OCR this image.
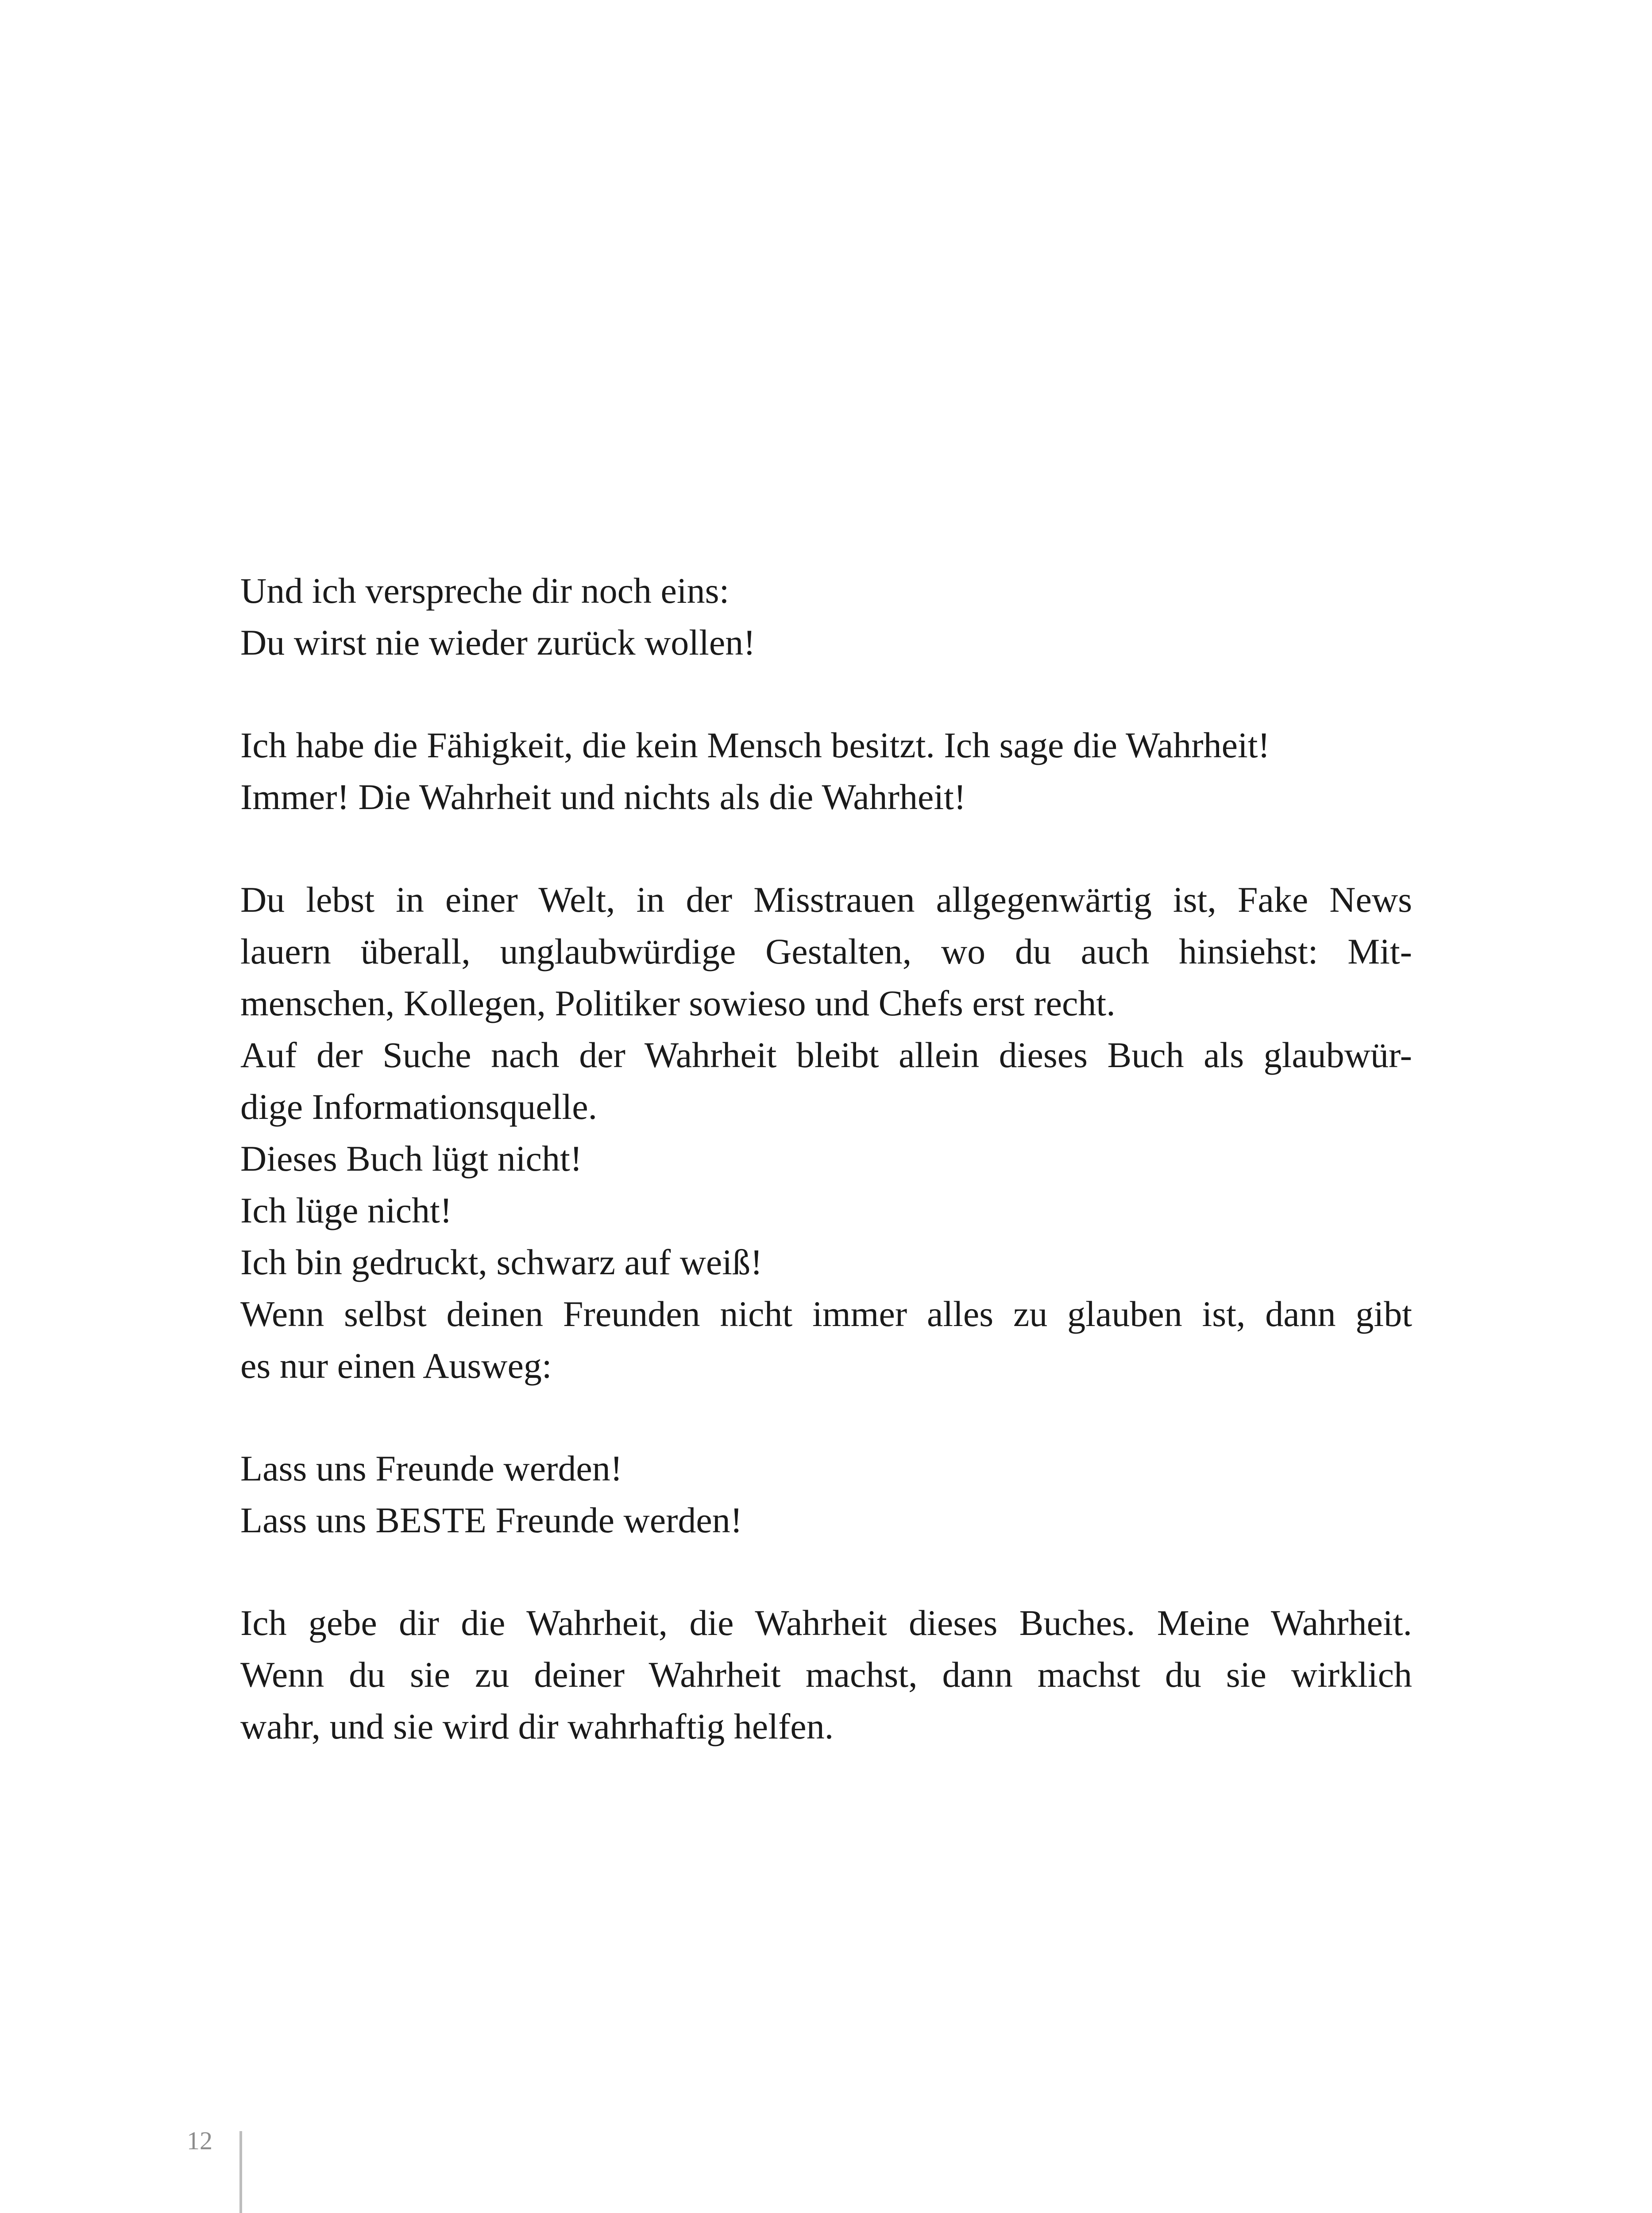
Und ich verspreche dir noch eins:
Du wirst nie wieder zurück wollen!
Ich habe die Fähigkeit, die kein Mensch besitzt. Ich sage die Wahrheit!
Immer! Die Wahrheit und nichts als die Wahrheit!
Du lebst in einer Welt, in der Misstrauen allgegenwärtig ist, Fake News
lauern überall, unglaubwürdige Gestalten, wo du auch hinsiehst: Mit-
menschen, Kollegen, Politiker sowieso und Chefs erst recht.
Auf der Suche nach der Wahrheit bleibt allein dieses Buch als glaubwür-
dige Informationsquelle.
Dieses Buch lügt nicht!
Ich lüge nicht!
Ich bin gedruckt, schwarz auf weiß!
Wenn selbst deinen Freunden nicht immer alles zu glauben ist, dann gibt
es nur einen Ausweg:
Lass uns Freunde werden!
Lass uns BESTE Freunde werden!
Ich gebe dir die Wahrheit, die Wahrheit dieses Buches. Meine Wahrheit.
Wenn du sie zu deiner Wahrheit machst, dann machst du sie wirklich
wahr, und sie wird dir wahrhaftig helfen.
12
